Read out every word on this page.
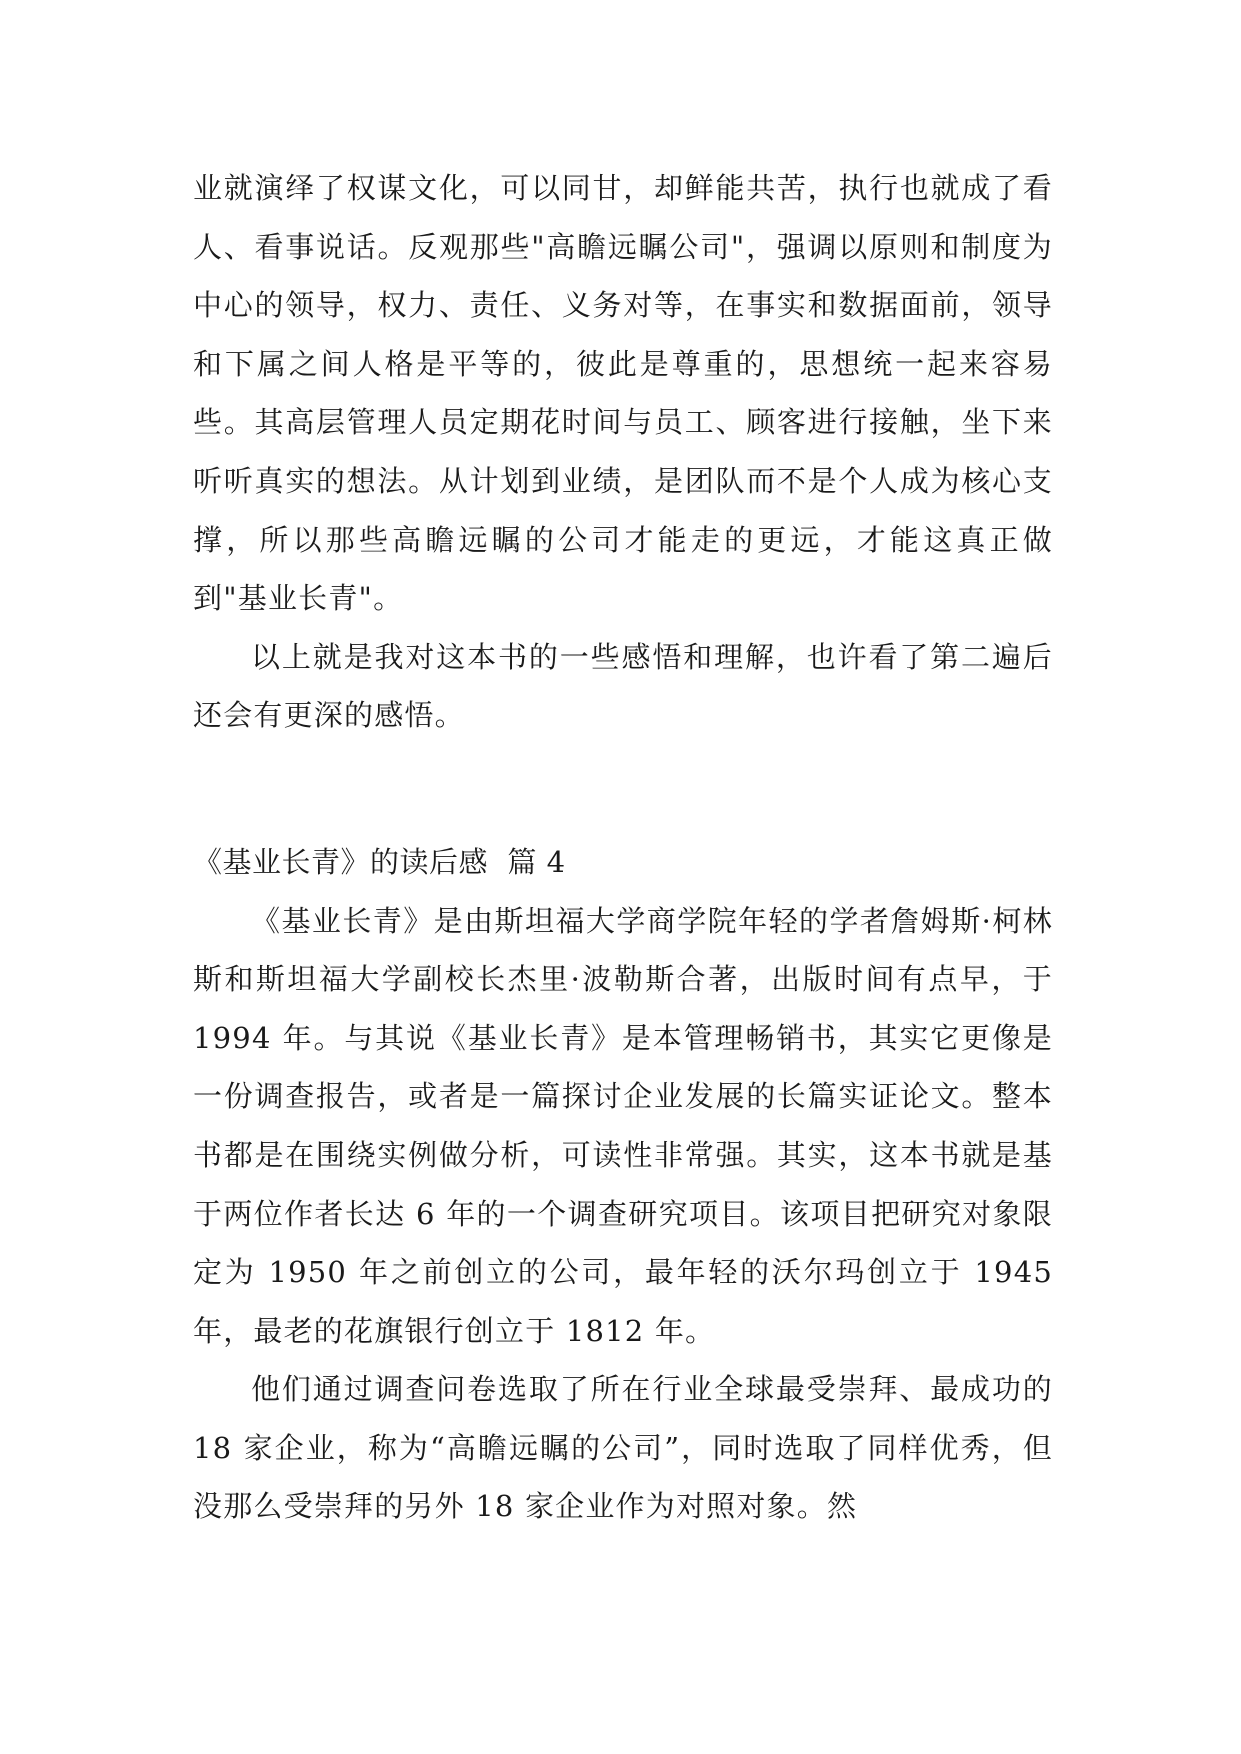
业就演绎了权谋文化，可以同甘，却鲜能共苦，执行也就成了看人、看事说话。反观那些"高瞻远瞩公司"，强调以原则和制度为中心的领导，权力、责任、义务对等，在事实和数据面前，领导和下属之间人格是平等的，彼此是尊重的，思想统一起来容易些。其高层管理人员定期花时间与员工、顾客进行接触，坐下来听听真实的想法。从计划到业绩，是团队而不是个人成为核心支撑，所以那些高瞻远瞩的公司才能走的更远，才能这真正做到"基业长青"。

以上就是我对这本书的一些感悟和理解，也许看了第二遍后还会有更深的感悟。

《基业长青》的读后感  篇 4

《基业长青》是由斯坦福大学商学院年轻的学者詹姆斯·柯林斯和斯坦福大学副校长杰里·波勒斯合著，出版时间有点早，于 1994 年。与其说《基业长青》是本管理畅销书，其实它更像是一份调查报告，或者是一篇探讨企业发展的长篇实证论文。整本书都是在围绕实例做分析，可读性非常强。其实，这本书就是基于两位作者长达 6 年的一个调查研究项目。该项目把研究对象限定为 1950 年之前创立的公司，最年轻的沃尔玛创立于 1945 年，最老的花旗银行创立于 1812 年。

他们通过调查问卷选取了所在行业全球最受崇拜、最成功的 18 家企业，称为“高瞻远瞩的公司”，同时选取了同样优秀，但没那么受崇拜的另外 18 家企业作为对照对象。然
